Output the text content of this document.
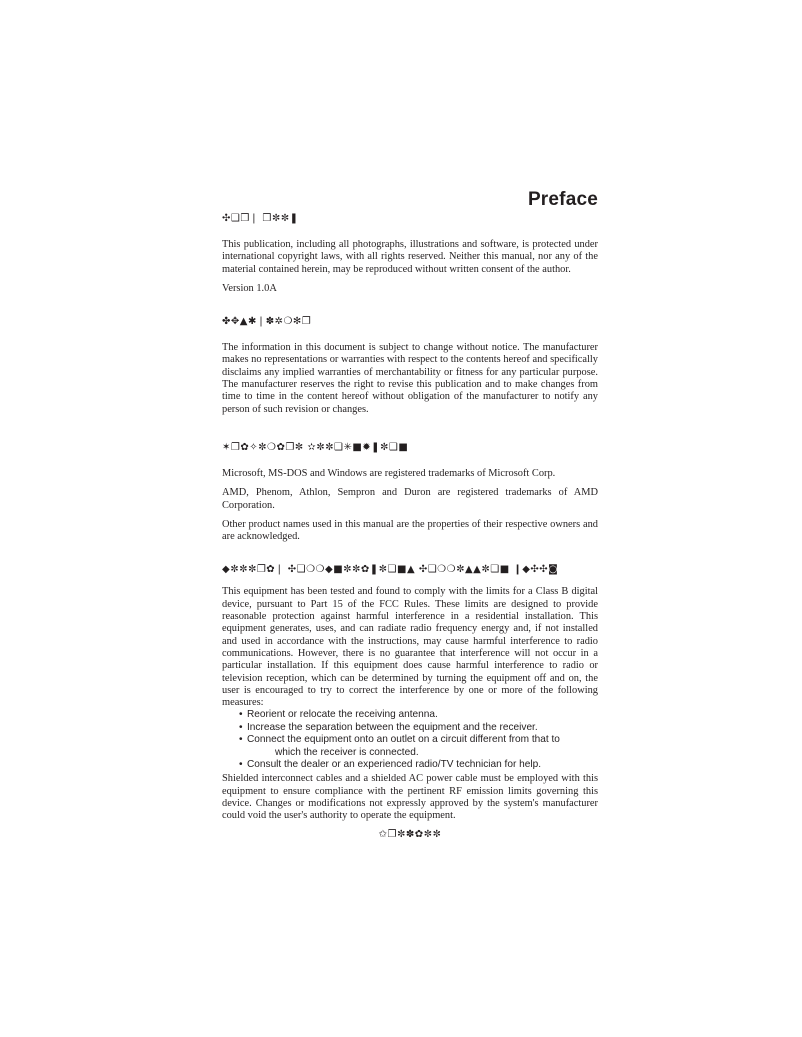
Preface
✣❑❒❘ ❒✼✼❚

This publication, including all photographs, illustrations and software, is protected under international copyright laws, with all rights reserved. Neither this manual, nor any of the material contained herein, may be reproduced without written consent of the author.

Version 1.0A

✤✥▲✱❘✽✲❍✻❐

The information in this document is subject to change without notice. The manufacturer makes no representations or warranties with respect to the contents hereof and specifically disclaims any implied warranties of merchantability or fitness for any particular purpose. The manufacturer reserves the right to revise this publication and to make changes from time to time in the content hereof without obligation of the manufacturer to notify any person of such revision or changes.

✶❐✿✧✼❍✿❐✼ ✫✼✼❑✳■✹❚✼❑■

Microsoft, MS-DOS and Windows are registered trademarks of Microsoft Corp.

AMD, Phenom, Athlon, Sempron and Duron are registered trademarks of AMD Corporation.

Other product names used in this manual are the properties of their respective owners and are acknowledged.

◆✼✼✼❐✿❘ ✣❑❍❍◆■✼✼✿❚✼❑■▲ ✣❑❍❍✼▲▲✼❑■ ❙◆✣✣◙

This equipment has been tested and found to comply with the limits for a Class B digital device, pursuant to Part 15 of the FCC Rules. These limits are designed to provide reasonable protection against harmful interference in a residential installation. This equipment generates, uses, and can radiate radio frequency energy and, if not installed and used in accordance with the instructions, may cause harmful interference to radio communications. However, there is no guarantee that interference will not occur in a particular installation. If this equipment does cause harmful interference to radio or television reception, which can be determined by turning the equipment off and on, the user is encouraged to try to correct the interference by one or more of the following measures:

• Reorient or relocate the receiving antenna.
• Increase the separation between the equipment and the receiver.
• Connect the equipment onto an outlet on a circuit different from that to
which the receiver is connected.
• Consult the dealer or an experienced radio/TV technician for help.

Shielded interconnect cables and a shielded AC power cable must be employed with this equipment to ensure compliance with the pertinent RF emission limits governing this device. Changes or modifications not expressly approved by the system's manufacturer could void the user's authority to operate the equipment.

✩❐✼✽✿✼✼
